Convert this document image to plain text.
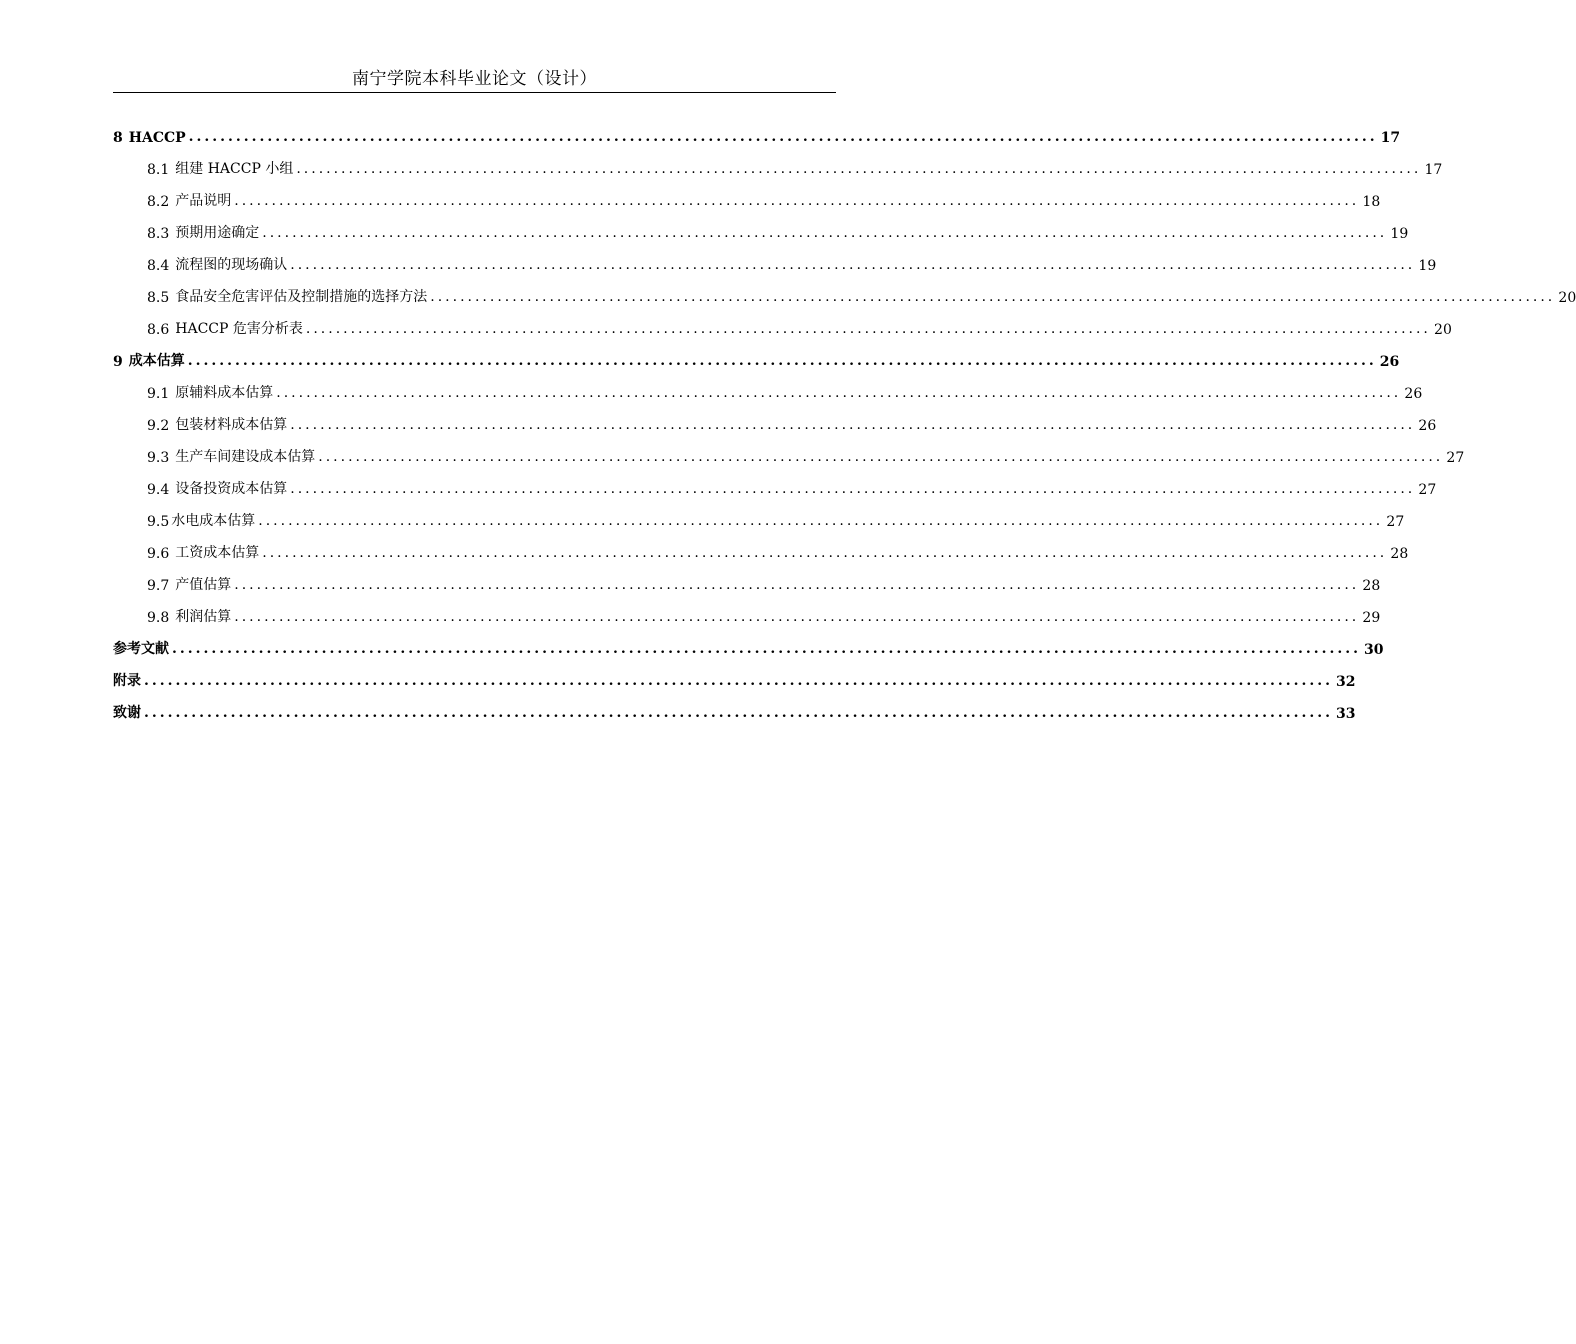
南宁学院本科毕业论文（设计）
8 HACCP ....................................................................................................................................................... 17
8.1 组建 HACCP 小组 ....................................................................................................................................................... 17
8.2 产品说明 ....................................................................................................................................................... 18
8.3 预期用途确定 ....................................................................................................................................................... 19
8.4 流程图的现场确认 ....................................................................................................................................................... 19
8.5 食品安全危害评估及控制措施的选择方法 ....................................................................................................................................................... 20
8.6 HACCP 危害分析表 ....................................................................................................................................................... 20
9 成本估算 ....................................................................................................................................................... 26
9.1 原辅料成本估算 ....................................................................................................................................................... 26
9.2 包装材料成本估算 ....................................................................................................................................................... 26
9.3 生产车间建设成本估算 ....................................................................................................................................................... 27
9.4 设备投资成本估算 ....................................................................................................................................................... 27
9.5 水电成本估算 ....................................................................................................................................................... 27
9.6 工资成本估算 ....................................................................................................................................................... 28
9.7 产值估算 ....................................................................................................................................................... 28
9.8 利润估算 ....................................................................................................................................................... 29
参考文献 ....................................................................................................................................................... 30
附录 ....................................................................................................................................................... 32
致谢 ....................................................................................................................................................... 33
